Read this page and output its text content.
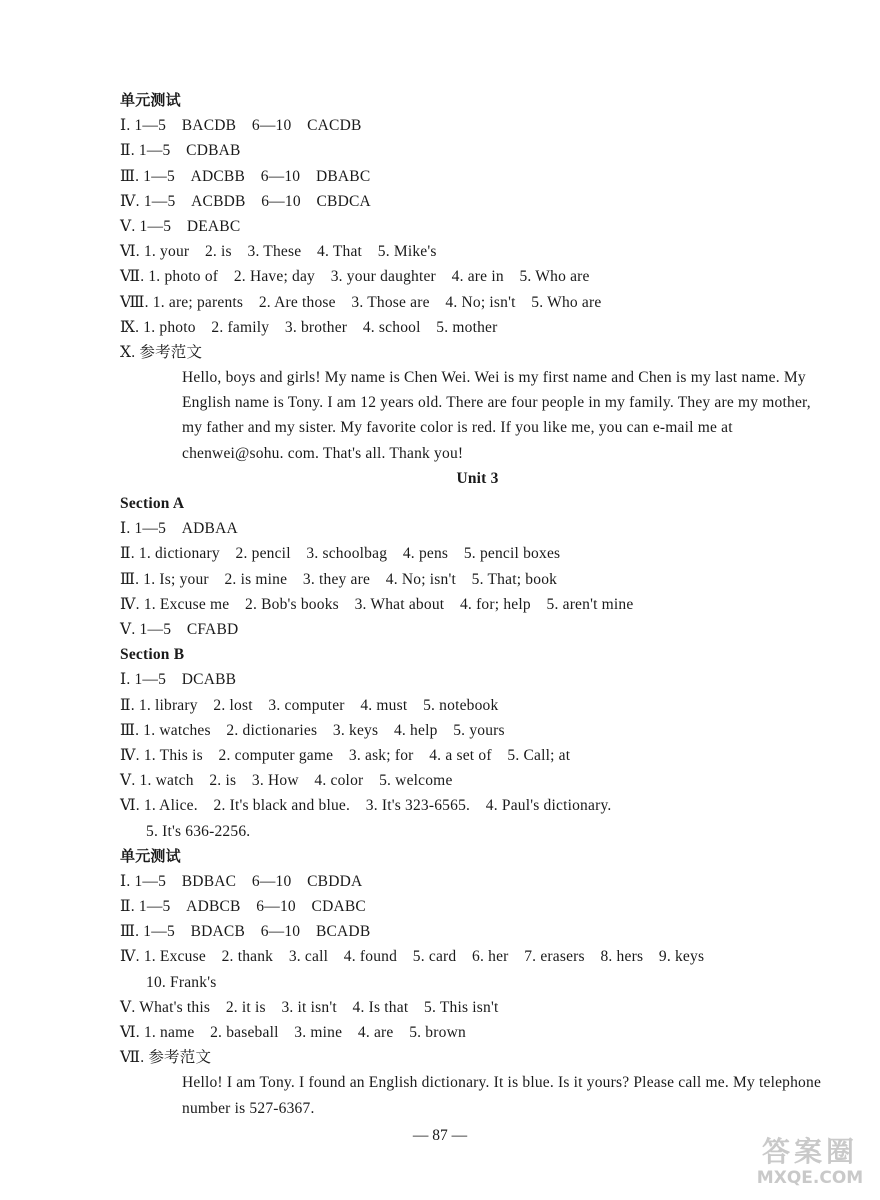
单元测试
Ⅰ. 1—5　BACDB　6—10　CACDB
Ⅱ. 1—5　CDBAB
Ⅲ. 1—5　ADCBB　6—10　DBABC
Ⅳ. 1—5　ACBDB　6—10　CBDCA
Ⅴ. 1—5　DEABC
Ⅵ. 1. your　2. is　3. These　4. That　5. Mike's
Ⅶ. 1. photo of　2. Have; day　3. your daughter　4. are in　5. Who are
Ⅷ. 1. are; parents　2. Are those　3. Those are　4. No; isn't　5. Who are
Ⅸ. 1. photo　2. family　3. brother　4. school　5. mother
Ⅹ. 参考范文
Hello, boys and girls! My name is Chen Wei. Wei is my first name and Chen is my last name. My English name is Tony. I am 12 years old. There are four people in my family. They are my mother, my father and my sister. My favorite color is red. If you like me, you can e-mail me at chenwei@sohu. com. That's all. Thank you!
Unit 3
Section A
Ⅰ. 1—5　ADBAA
Ⅱ. 1. dictionary　2. pencil　3. schoolbag　4. pens　5. pencil boxes
Ⅲ. 1. Is; your　2. is mine　3. they are　4. No; isn't　5. That; book
Ⅳ. 1. Excuse me　2. Bob's books　3. What about　4. for; help　5. aren't mine
Ⅴ. 1—5　CFABD
Section B
Ⅰ. 1—5　DCABB
Ⅱ. 1. library　2. lost　3. computer　4. must　5. notebook
Ⅲ. 1. watches　2. dictionaries　3. keys　4. help　5. yours
Ⅳ. 1. This is　2. computer game　3. ask; for　4. a set of　5. Call; at
Ⅴ. 1. watch　2. is　3. How　4. color　5. welcome
Ⅵ. 1. Alice.　2. It's black and blue.　3. It's 323-6565.　4. Paul's dictionary.
5. It's 636-2256.
单元测试
Ⅰ. 1—5　BDBAC　6—10　CBDDA
Ⅱ. 1—5　ADBCB　6—10　CDABC
Ⅲ. 1—5　BDACB　6—10　BCADB
Ⅳ. 1. Excuse　2. thank　3. call　4. found　5. card　6. her　7. erasers　8. hers　9. keys
10. Frank's
Ⅴ. What's this　2. it is　3. it isn't　4. Is that　5. This isn't
Ⅵ. 1. name　2. baseball　3. mine　4. are　5. brown
Ⅶ. 参考范文
Hello! I am Tony. I found an English dictionary. It is blue. Is it yours? Please call me. My telephone number is 527-6367.
— 87 —	答案圈
MXQE.COM
